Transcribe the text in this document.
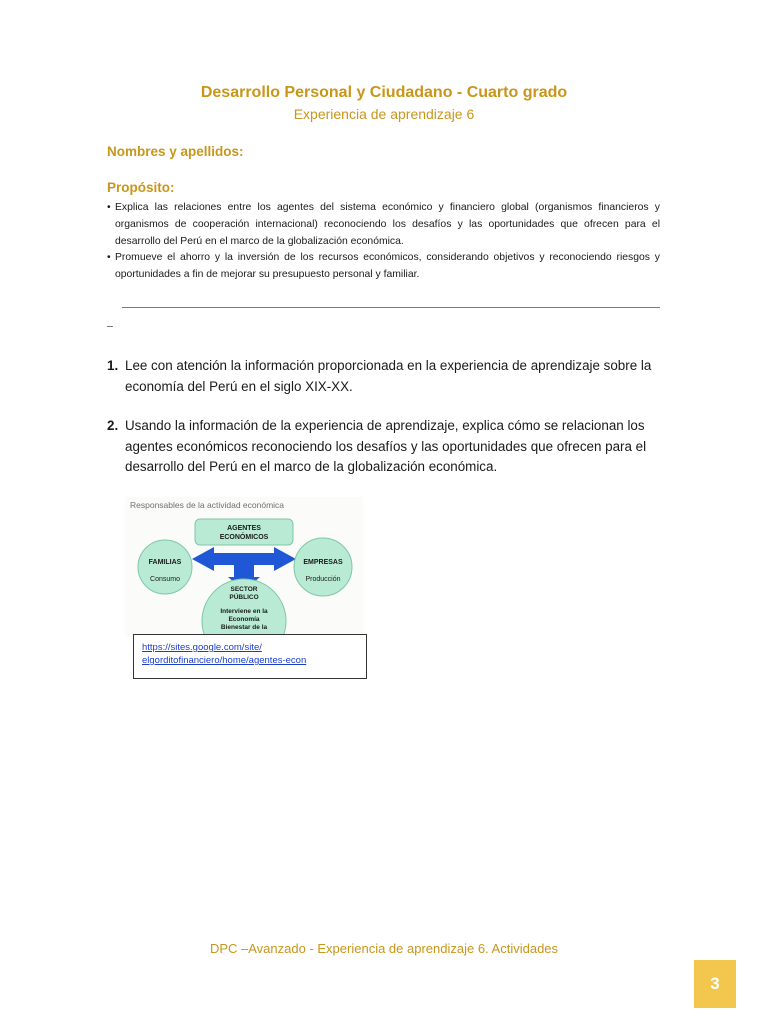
Desarrollo Personal y Ciudadano - Cuarto grado
Experiencia de aprendizaje 6
Nombres y apellidos:
Propósito:
• Explica las relaciones entre los agentes del sistema económico y financiero global (organismos financieros y organismos de cooperación internacional) reconociendo los desafíos y las oportunidades que ofrecen para el desarrollo del Perú en el marco de la globalización económica.
• Promueve el ahorro y la inversión de los recursos económicos, considerando objetivos y reconociendo riesgos y oportunidades a fin de mejorar su presupuesto personal y familiar.
1. Lee con atención la información proporcionada en la experiencia de aprendizaje sobre la economía del Perú en el siglo XIX-XX.
2. Usando la información de la experiencia de aprendizaje, explica cómo se relacionan los agentes económicos reconociendo los desafíos y las oportunidades que ofrecen para el desarrollo del Perú en el marco de la globalización económica.
Responsables de la actividad económica
AGENTES
ECONÓMICOS
FAMILIAS
Consumo
EMPRESAS
Producción
SECTOR
PÚBLICO
Interviene en la
Economía
Bienestar de la
https://sites.google.com/site/
elgorditofinanciero/home/agentes-econ
DPC –Avanzado - Experiencia de aprendizaje 6. Actividades
3
